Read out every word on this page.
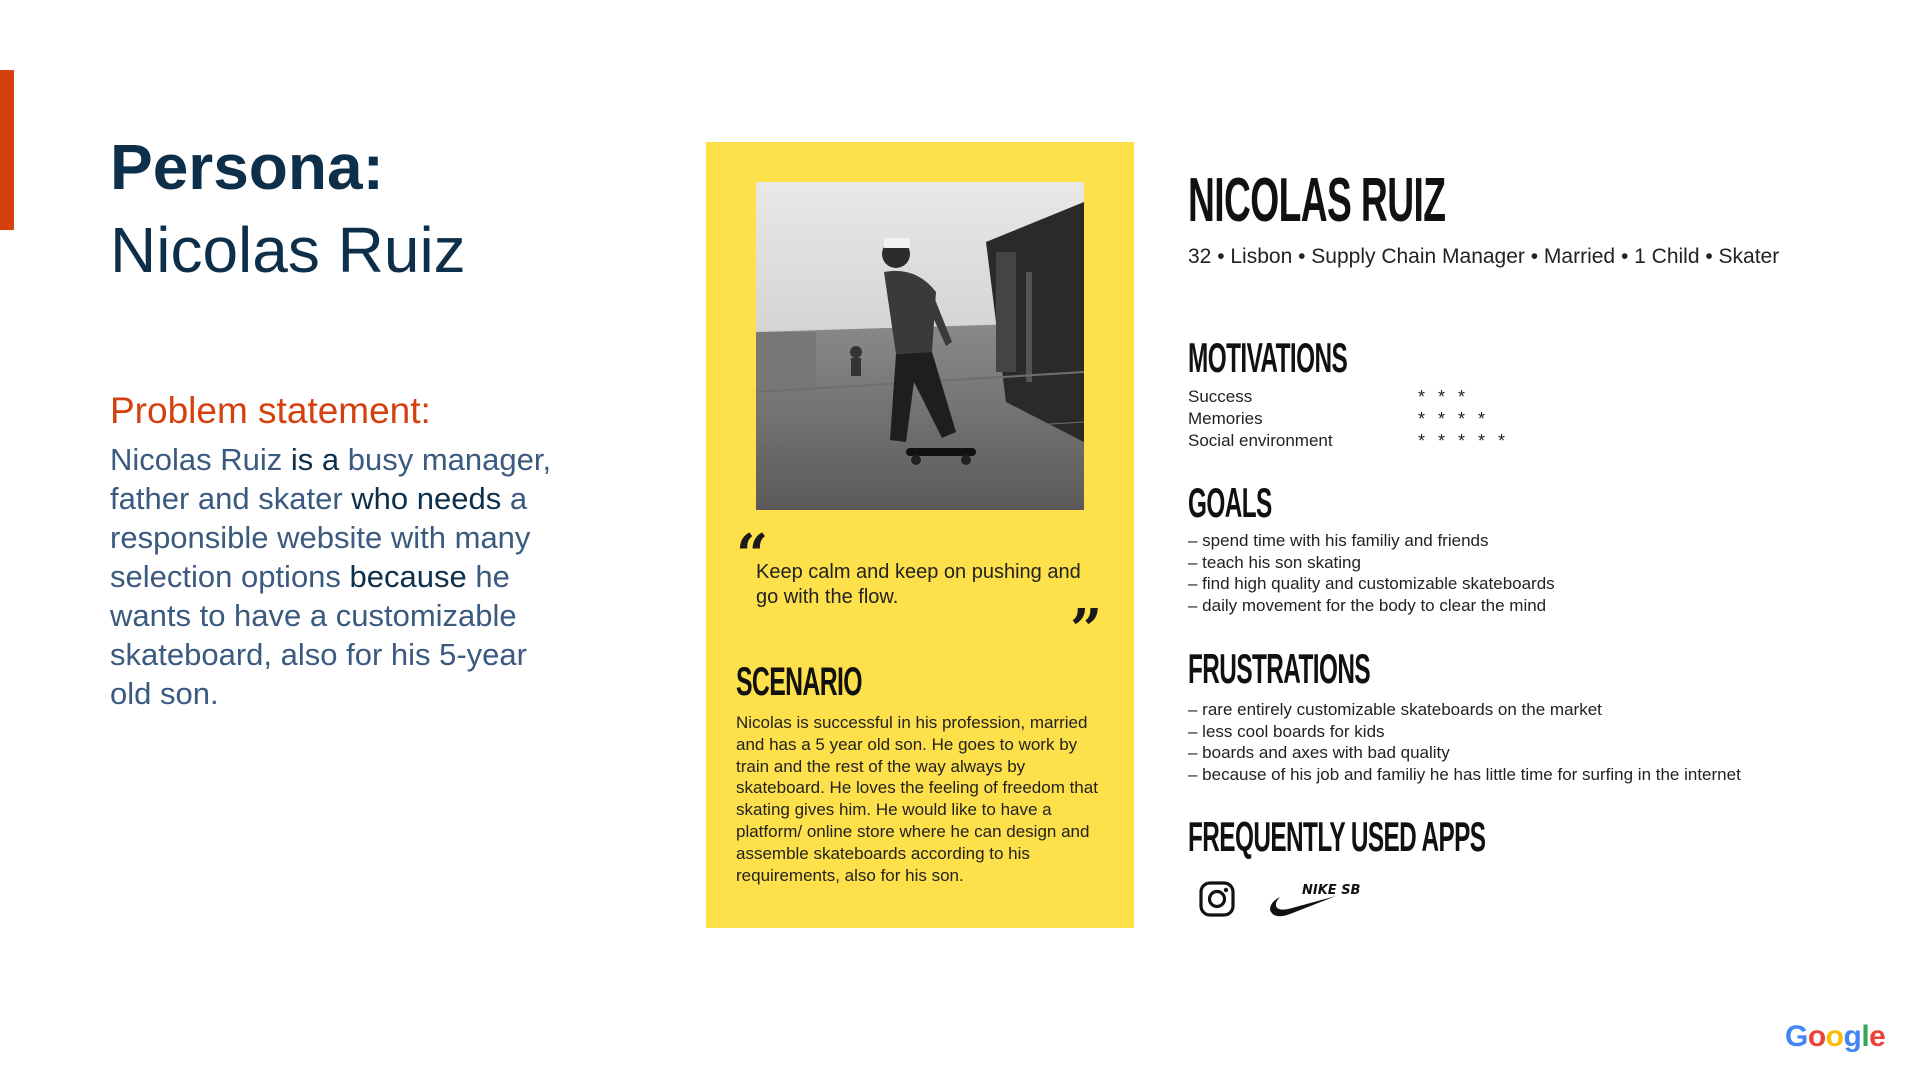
Persona:
Nicolas Ruiz
Problem statement:
Nicolas Ruiz is a busy manager, father and skater who needs a responsible website with many selection options because he wants to have a customizable skateboard, also for his 5-year old son.
“
Keep calm and keep on pushing and go with the flow.	”
SCENARIO
Nicolas is successful in his profession, married and has a 5 year old son. He goes to work by train and the rest of the way always by skateboard. He loves the feeling of freedom that skating gives him. He would like to have a platform/ online store where he can design and assemble skateboards according to his requirements, also for his son.
NICOLAS RUIZ
32 • Lisbon • Supply Chain Manager • Married • 1 Child • Skater
MOTIVATIONS
Success	* * *
Memories	* * * *
Social environment	* * * * *
GOALS
– spend time with his familiy and friends
– teach his son skating
– find high quality and customizable skateboards
– daily movement for the body to clear the mind
FRUSTRATIONS
– rare entirely customizable skateboards on the market
– less cool boards for kids
– boards and axes with bad quality
– because of his job and familiy he has little time for surfing in the internet
FREQUENTLY USED APPS
NIKE SB
Google
